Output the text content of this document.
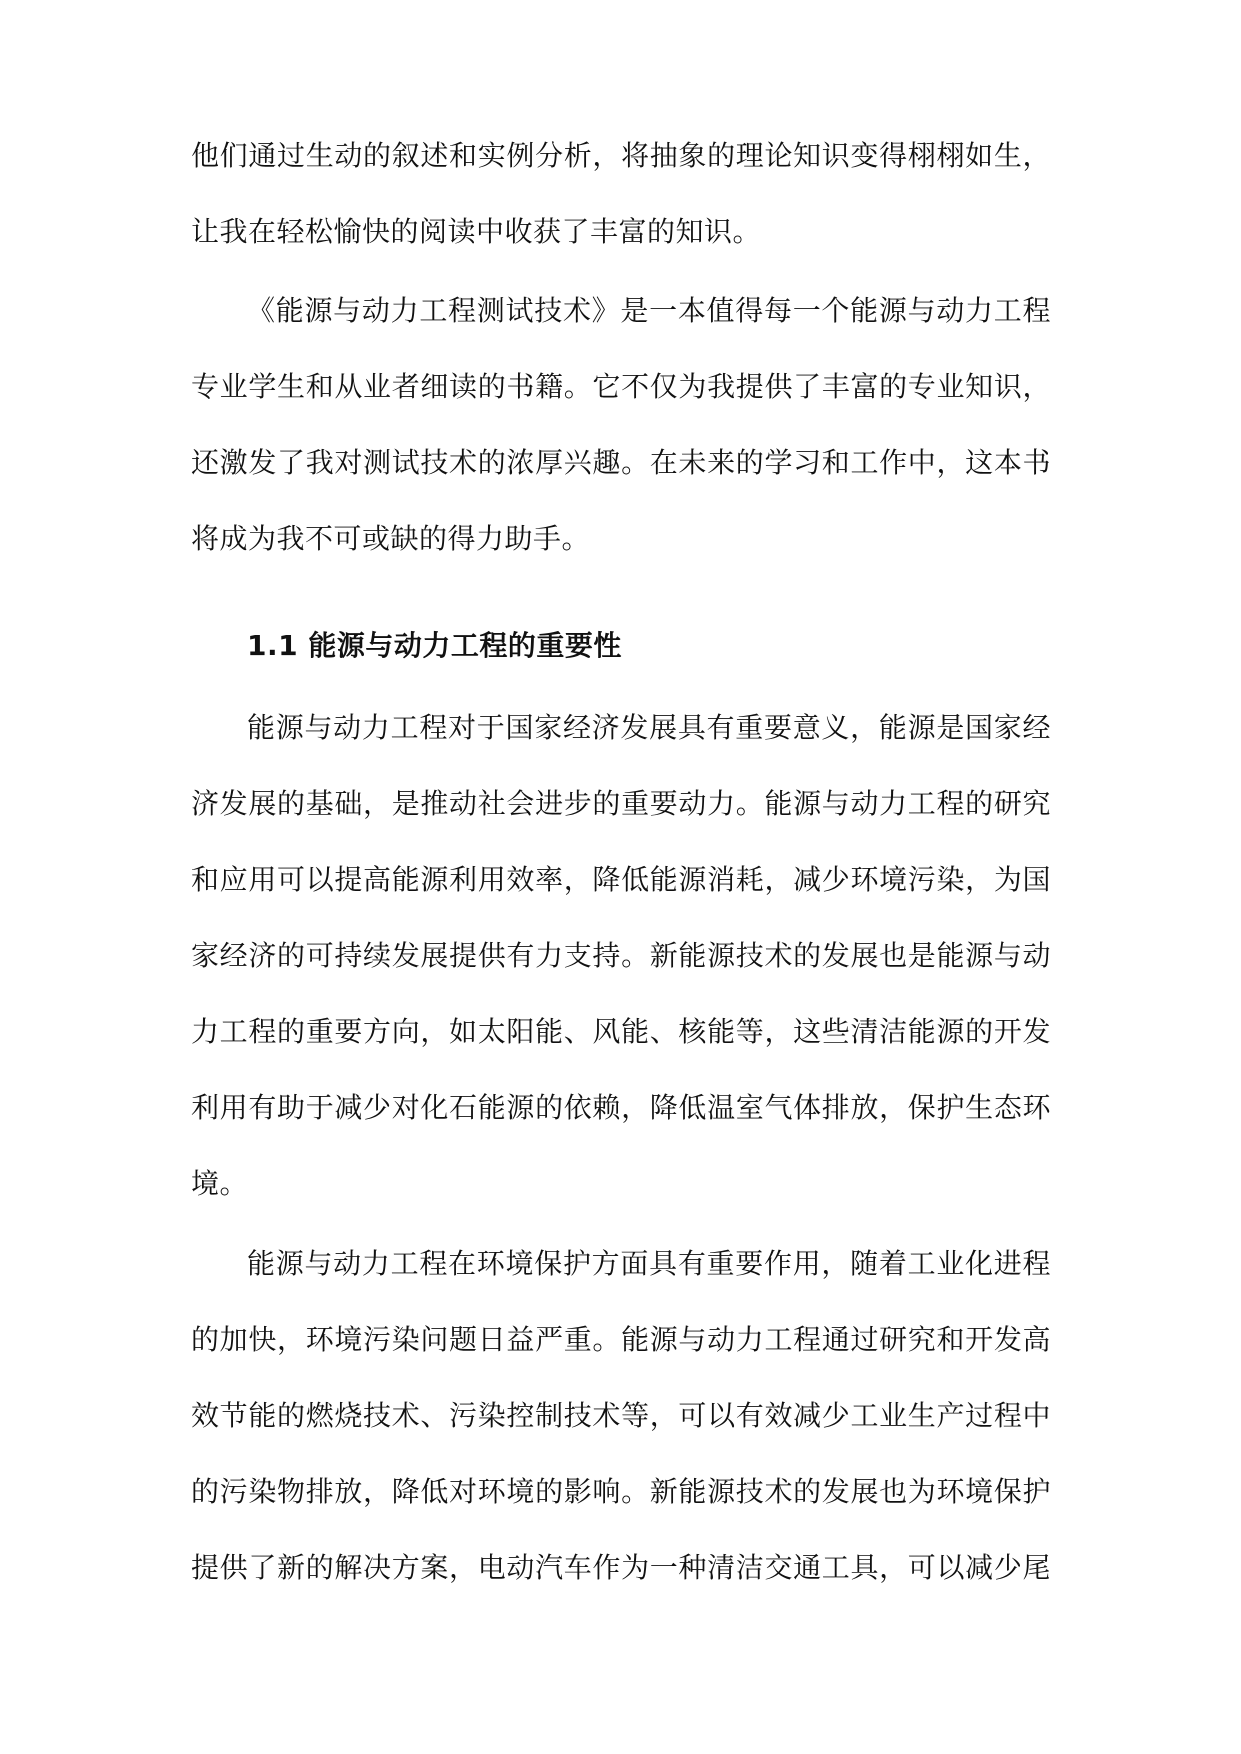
他们通过生动的叙述和实例分析，将抽象的理论知识变得栩栩如生，
让我在轻松愉快的阅读中收获了丰富的知识。
《能源与动力工程测试技术》是一本值得每一个能源与动力工程
专业学生和从业者细读的书籍。它不仅为我提供了丰富的专业知识，
还激发了我对测试技术的浓厚兴趣。在未来的学习和工作中，这本书
将成为我不可或缺的得力助手。
1.1 能源与动力工程的重要性
能源与动力工程对于国家经济发展具有重要意义，能源是国家经
济发展的基础，是推动社会进步的重要动力。能源与动力工程的研究
和应用可以提高能源利用效率，降低能源消耗，减少环境污染，为国
家经济的可持续发展提供有力支持。新能源技术的发展也是能源与动
力工程的重要方向，如太阳能、风能、核能等，这些清洁能源的开发
利用有助于减少对化石能源的依赖，降低温室气体排放，保护生态环
境。
能源与动力工程在环境保护方面具有重要作用，随着工业化进程
的加快，环境污染问题日益严重。能源与动力工程通过研究和开发高
效节能的燃烧技术、污染控制技术等，可以有效减少工业生产过程中
的污染物排放，降低对环境的影响。新能源技术的发展也为环境保护
提供了新的解决方案，电动汽车作为一种清洁交通工具，可以减少尾
